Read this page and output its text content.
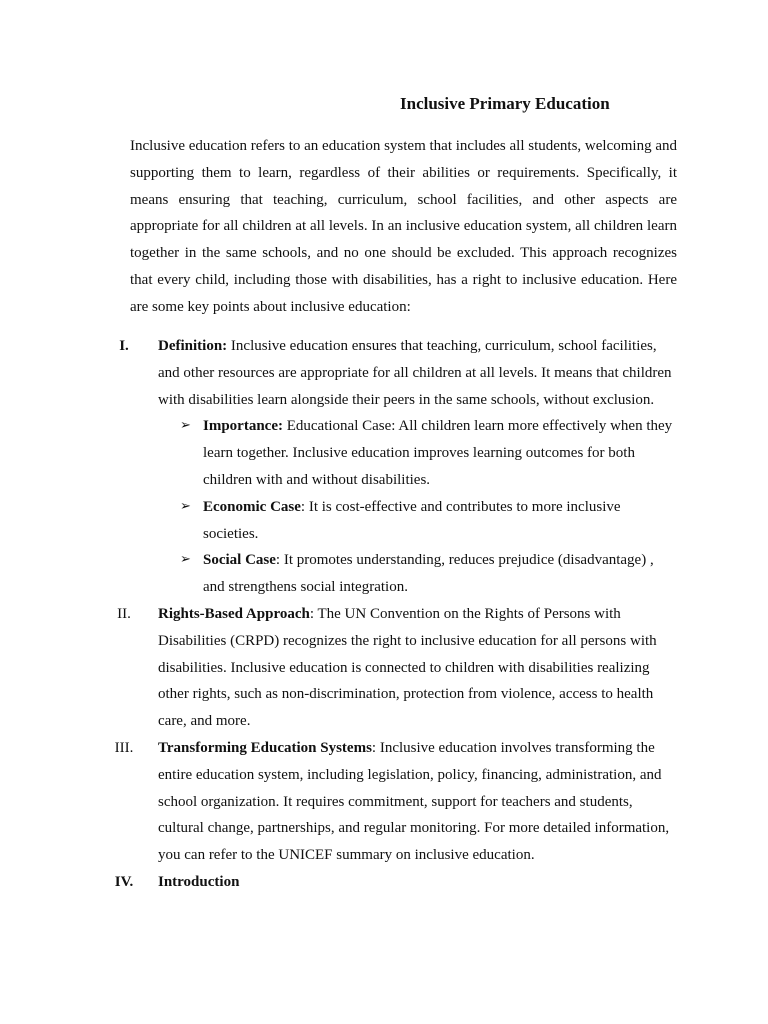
Inclusive Primary Education

Inclusive education refers to an education system that includes all students, welcoming and supporting them to learn, regardless of their abilities or requirements. Specifically, it means ensuring that teaching, curriculum, school facilities, and other aspects are appropriate for all children at all levels. In an inclusive education system, all children learn together in the same schools, and no one should be excluded. This approach recognizes that every child, including those with disabilities, has a right to inclusive education. Here are some key points about inclusive education:

I.	Definition: Inclusive education ensures that teaching, curriculum, school facilities, and other resources are appropriate for all children at all levels. It means that children with disabilities learn alongside their peers in the same schools, without exclusion.
➢ Importance: Educational Case: All children learn more effectively when they learn together. Inclusive education improves learning outcomes for both children with and without disabilities.
➢ Economic Case: It is cost-effective and contributes to more inclusive societies.
➢ Social Case: It promotes understanding, reduces prejudice (disadvantage) , and strengthens social integration.
II.	Rights-Based Approach: The UN Convention on the Rights of Persons with Disabilities (CRPD) recognizes the right to inclusive education for all persons with disabilities. Inclusive education is connected to children with disabilities realizing other rights, such as non-discrimination, protection from violence, access to health care, and more.
III.	Transforming Education Systems: Inclusive education involves transforming the entire education system, including legislation, policy, financing, administration, and school organization. It requires commitment, support for teachers and students, cultural change, partnerships, and regular monitoring. For more detailed information, you can refer to the UNICEF summary on inclusive education.
IV.	Introduction
